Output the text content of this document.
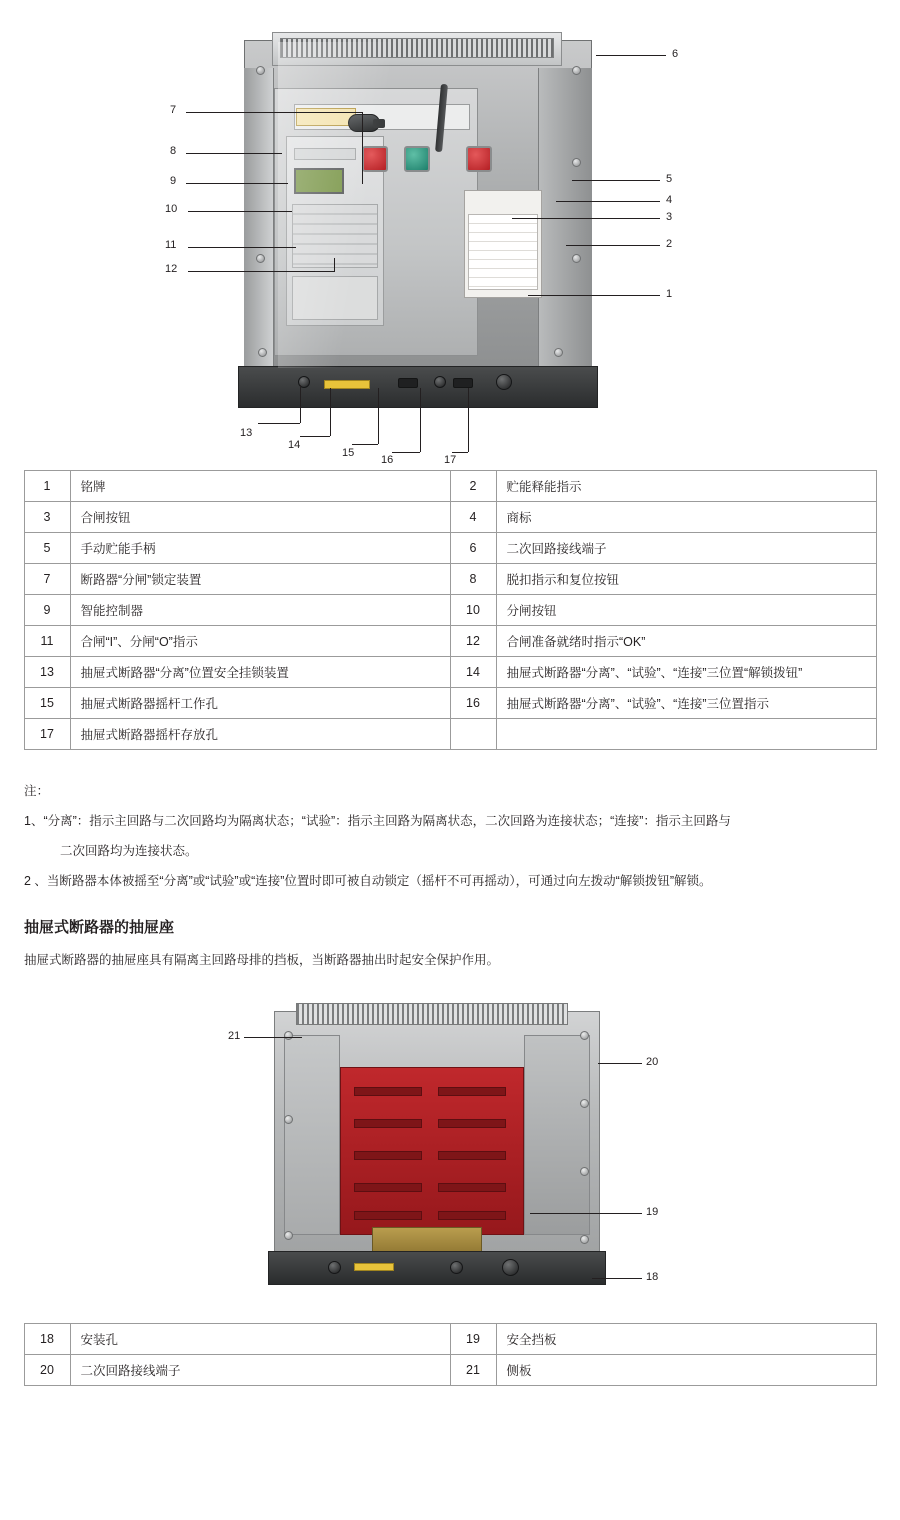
6
5
4
3
2
1
7
8
9
10
11
12
13
14
15
16	17
1	铭牌	2	贮能释能指示
3	合闸按钮	4	商标
5	手动贮能手柄	6	二次回路接线端子
7	断路器“分闸”锁定装置	8	脱扣指示和复位按钮
9	智能控制器	10	分闸按钮
11	合闸“I”、分闸“O”指示	12	合闸准备就绪时指示“OK”
13	抽屉式断路器“分离”位置安全挂锁装置	14	抽屉式断路器“分离”、“试验”、“连接”三位置“解锁拨钮”
15	抽屉式断路器摇杆工作孔	16	抽屉式断路器“分离”、“试验”、“连接”三位置指示
17	抽屉式断路器摇杆存放孔		

注：

1、“分离”：指示主回路与二次回路均为隔离状态；“试验”：指示主回路为隔离状态，二次回路为连接状态；“连接”：指示主回路与
二次回路均为连接状态。

2 、当断路器本体被摇至“分离”或“试验”或“连接”位置时即可被自动锁定（摇杆不可再摇动），可通过向左拨动“解锁拨钮”解锁。

抽屉式断路器的抽屉座

抽屉式断路器的抽屉座具有隔离主回路母排的挡板，当断路器抽出时起安全保护作用。

21
20
19
18
18	安装孔	19	安全挡板
20	二次回路接线端子	21	侧板
